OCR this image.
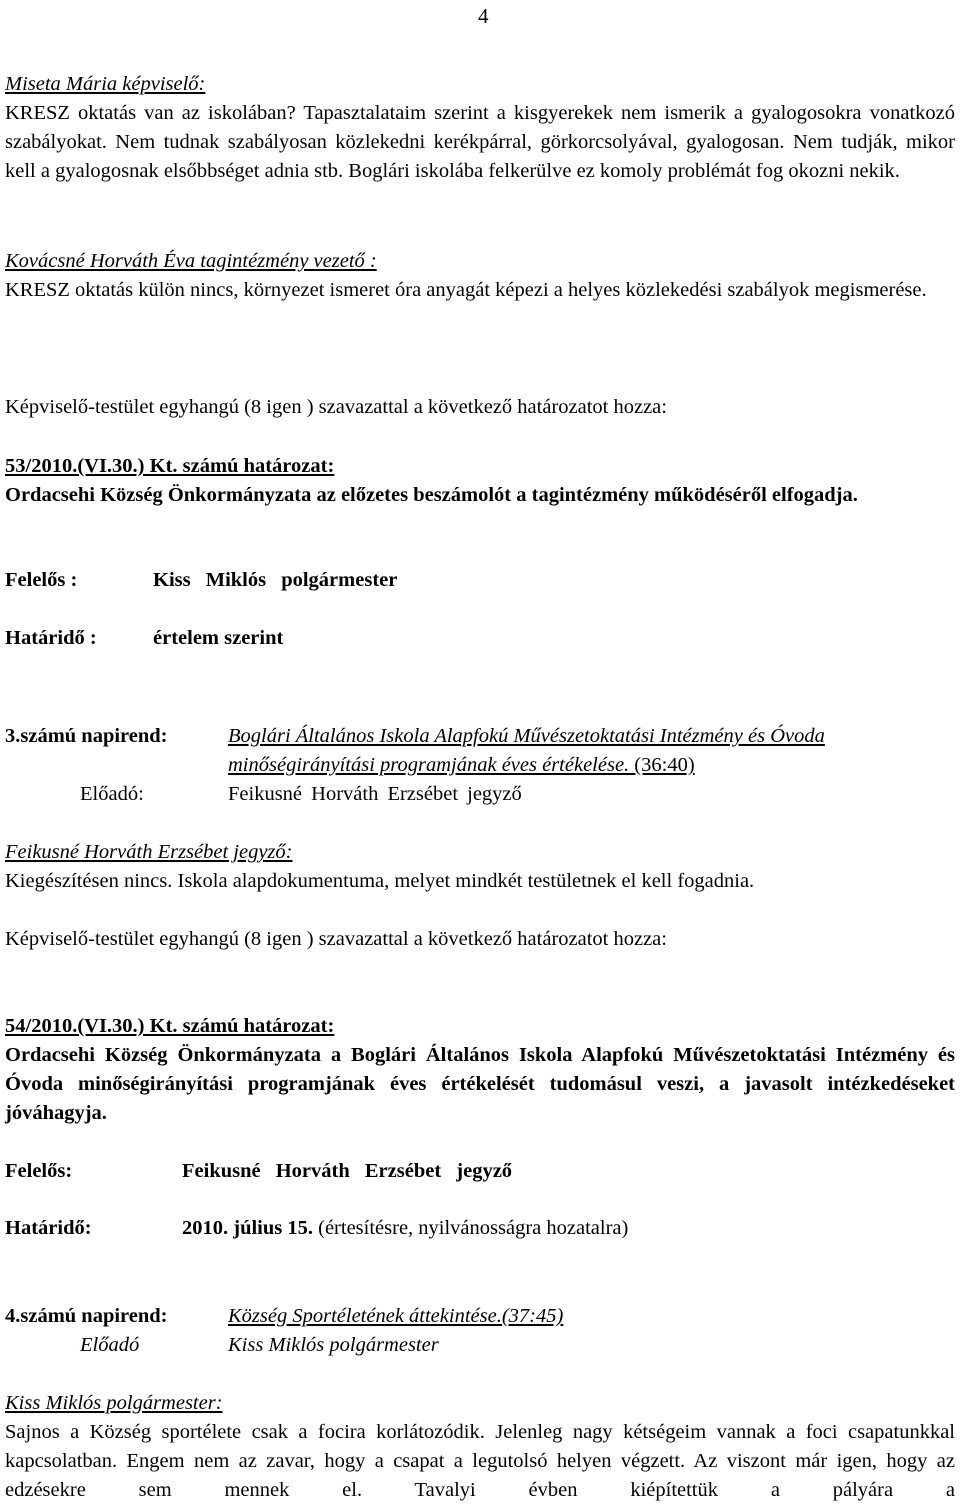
4
Miseta Mária képviselő:
KRESZ oktatás van az iskolában? Tapasztalataim szerint a kisgyerekek nem ismerik a gyalogosokra vonatkozó szabályokat. Nem tudnak szabályosan közlekedni kerékpárral, görkorcsolyával, gyalogosan. Nem tudják, mikor kell a gyalogosnak elsőbbséget adnia stb. Boglári iskolába felkerülve ez komoly problémát fog okozni nekik.
Kovácsné Horváth Éva tagintézmény vezető :
KRESZ oktatás külön nincs, környezet ismeret óra anyagát képezi a helyes közlekedési szabályok megismerése.
Képviselő-testület egyhangú (8 igen ) szavazattal a következő határozatot hozza:
53/2010.(VI.30.) Kt. számú határozat:
Ordacsehi Község Önkormányzata az előzetes beszámolót a tagintézmény működéséről elfogadja.
Felelős :	Kiss Miklós polgármester
Határidő :	értelem szerint
3.számú napirend:	Boglári Általános Iskola Alapfokú Művészetoktatási Intézmény és Óvoda minőségirányítási programjának éves értékelése. (36:40)
Előadó:	Feikusné Horváth Erzsébet jegyző
Feikusné Horváth Erzsébet jegyző:
Kiegészítésen nincs. Iskola alapdokumentuma, melyet mindkét testületnek el kell fogadnia.
Képviselő-testület egyhangú (8 igen ) szavazattal a következő határozatot hozza:
54/2010.(VI.30.) Kt. számú határozat:
Ordacsehi Község Önkormányzata a Boglári Általános Iskola Alapfokú Művészetoktatási Intézmény és Óvoda minőségirányítási programjának éves értékelését tudomásul veszi, a javasolt intézkedéseket jóváhagyja.
Felelős:	Feikusné Horváth Erzsébet jegyző
Határidő:	2010. július 15. (értesítésre, nyilvánosságra hozatalra)
4.számú napirend:	Község Sportéletének áttekintése.(37:45)
Előadó	Kiss Miklós polgármester
Kiss Miklós polgármester:
Sajnos a Község sportélete csak a focira korlátozódik. Jelenleg nagy kétségeim vannak a foci csapatunkkal kapcsolatban. Engem nem az zavar, hogy a csapat a legutolsó helyen végzett. Az viszont már igen, hogy az edzésekre sem mennek el. Tavalyi évben kiépítettük a pályára a
